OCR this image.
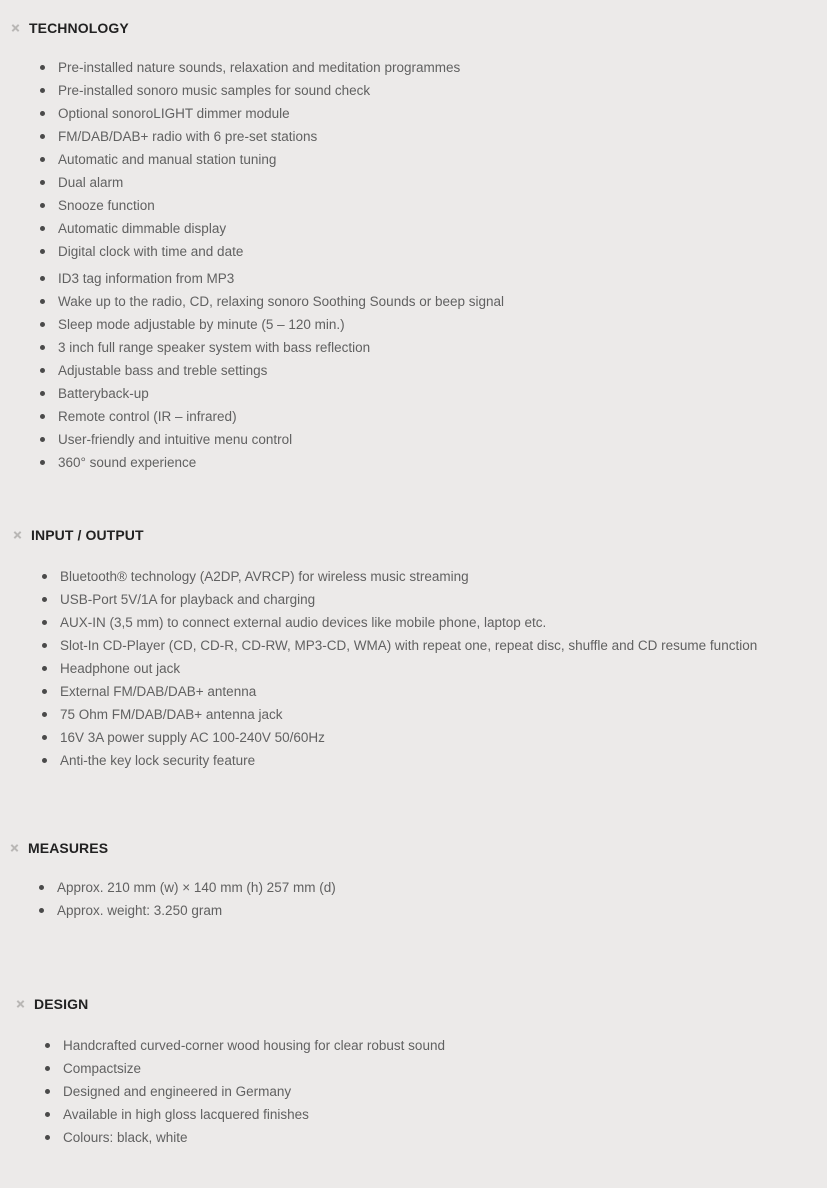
TECHNOLOGY
Pre-installed nature sounds, relaxation and meditation programmes
Pre-installed sonoro music samples for sound check
Optional sonoroLIGHT dimmer module
FM/DAB/DAB+ radio with 6 pre-set stations
Automatic and manual station tuning
Dual alarm
Snooze function
Automatic dimmable display
Digital clock with time and date
ID3 tag information from MP3
Wake up to the radio, CD, relaxing sonoro Soothing Sounds or beep signal
Sleep mode adjustable by minute (5 – 120 min.)
3 inch full range speaker system with bass reflection
Adjustable bass and treble settings
Batteryback-up
Remote control (IR – infrared)
User-friendly and intuitive menu control
360° sound experience
INPUT / OUTPUT
Bluetooth® technology (A2DP, AVRCP) for wireless music streaming
USB-Port 5V/1A for playback and charging
AUX-IN (3,5 mm) to connect external audio devices like mobile phone, laptop etc.
Slot-In CD-Player (CD, CD-R, CD-RW, MP3-CD, WMA) with repeat one, repeat disc, shuffle and CD resume function
Headphone out jack
External FM/DAB/DAB+ antenna
75 Ohm FM/DAB/DAB+ antenna jack
16V 3A power supply AC 100-240V 50/60Hz
Anti-the key lock security feature
MEASURES
Approx. 210 mm (w) × 140 mm (h) 257 mm (d)
Approx. weight: 3.250 gram
DESIGN
Handcrafted curved-corner wood housing for clear robust sound
Compactsize
Designed and engineered in Germany
Available in high gloss lacquered finishes
Colours: black, white
